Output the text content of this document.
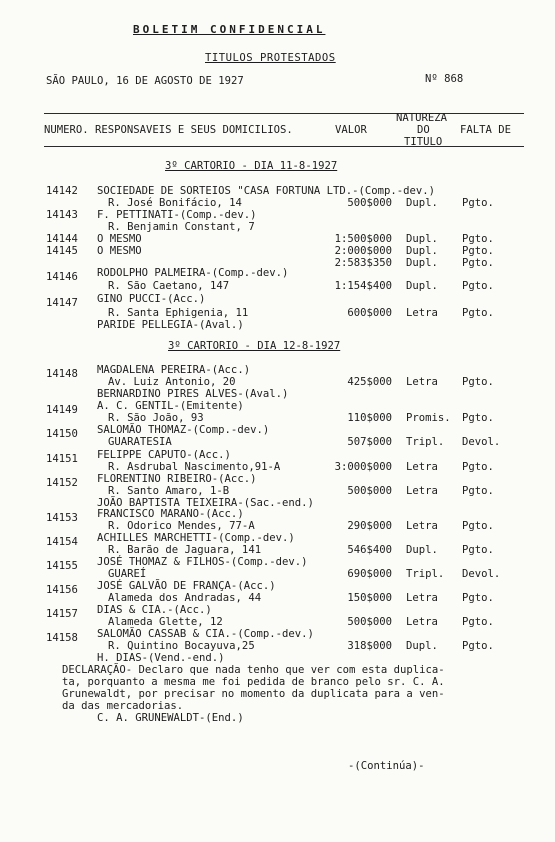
BOLETIM CONFIDENCIAL
TITULOS PROTESTADOS
SÃO PAULO, 16 DE AGOSTO DE 1927	Nº 868
NUMERO. RESPONSAVEIS E SEUS DOMICILIOS.	VALOR
NATUREZA
DO
TITULO
FALTA DE
3º CARTORIO - DIA 11-8-1927
14142 SOCIEDADE DE SORTEIOS "CASA FORTUNA LTD.-(Comp.-dev.)
R. José Bonifácio, 14	500$000 Dupl. Pgto.
14143 F. PETTINATI-(Comp.-dev.)
R. Benjamin Constant, 7
14144 O MESMO	1:500$000 Dupl. Pgto.
14145 O MESMO	2:000$000 Dupl. Pgto.
2:583$350 Dupl. Pgto.
14146 RODOLPHO PALMEIRA-(Comp.-dev.)
R. São Caetano, 147	1:154$400 Dupl. Pgto.
14147 GINO PUCCI-(Acc.)
R. Santa Ephigenia, 11	600$000 Letra Pgto.
PARIDE PELLEGIA-(Aval.)
3º CARTORIO - DIA 12-8-1927
14148 MAGDALENA PEREIRA-(Acc.)
Av. Luiz Antonio, 20	425$000 Letra Pgto.
BERNARDINO PIRES ALVES-(Aval.)
14149 A. C. GENTIL-(Emitente)
R. São João, 93	110$000 Promis. Pgto.
14150 SALOMÃO THOMAZ-(Comp.-dev.)
GUARATESIA	507$000 Tripl. Devol.
14151 FELIPPE CAPUTO-(Acc.)
R. Asdrubal Nascimento,91-A	3:000$000 Letra Pgto.
14152 FLORENTINO RIBEIRO-(Acc.)
R. Santo Amaro, 1-B	500$000 Letra Pgto.
JOÃO BAPTISTA TEIXEIRA-(Sac.-end.)
14153 FRANCISCO MARANO-(Acc.)
R. Odorico Mendes, 77-A	290$000 Letra Pgto.
14154 ACHILLES MARCHETTI-(Comp.-dev.)
R. Barão de Jaguara, 141	546$400 Dupl. Pgto.
14155 JOSÉ THOMAZ & FILHOS-(Comp.-dev.)
GUAREÍ	690$000 Tripl. Devol.
14156 JOSÉ GALVÃO DE FRANÇA-(Acc.)
Alameda dos Andradas, 44	150$000 Letra Pgto.
14157 DIAS & CIA.-(Acc.)
Alameda Glette, 12	500$000 Letra Pgto.
14158 SALOMÃO CASSAB & CIA.-(Comp.-dev.)
R. Quintino Bocayuva,25	318$000 Dupl. Pgto.
H. DIAS-(Vend.-end.)
DECLARAÇÃO- Declaro que nada tenho que ver com esta duplica-
ta, porquanto a mesma me foi pedida de branco pelo sr. C. A.
Grunewaldt, por precisar no momento da duplicata para a ven-
da das mercadorias.
C. A. GRUNEWALDT-(End.)
-(Continúa)-
